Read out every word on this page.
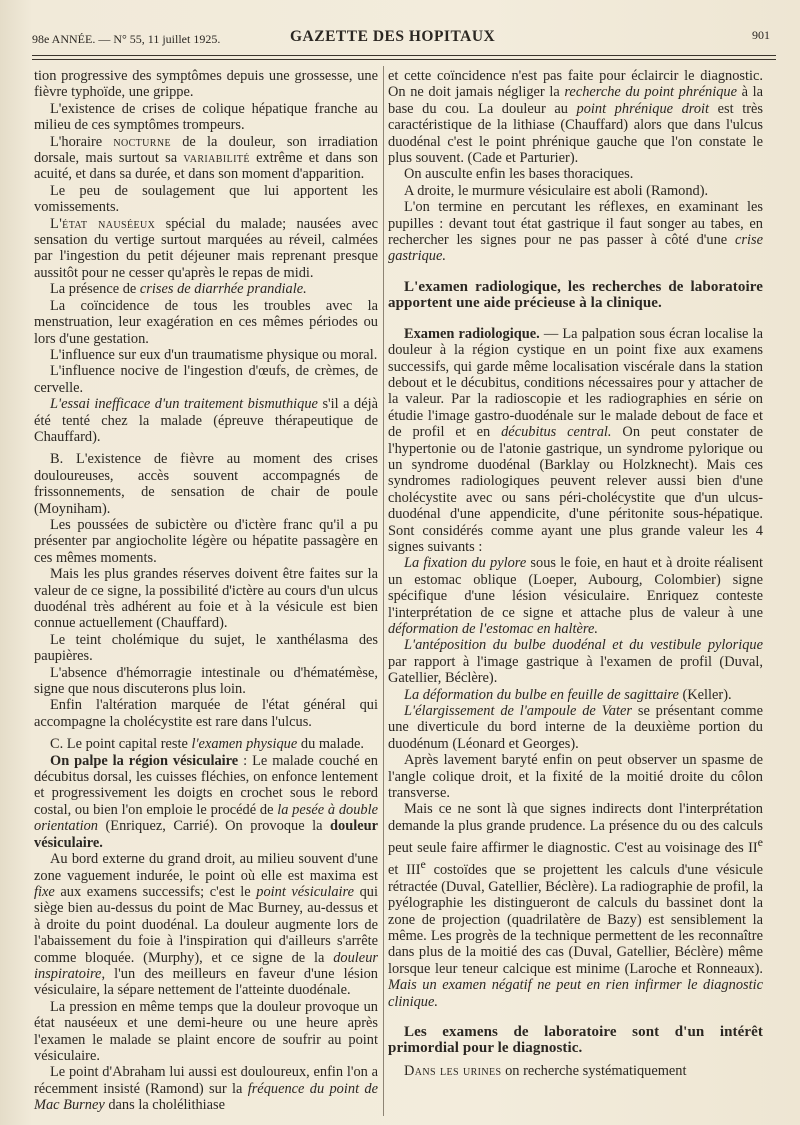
98e ANNÉE. — N° 55, 11 juillet 1925.	GAZETTE DES HOPITAUX	901

tion progressive des symptômes depuis une grossesse, une fièvre typhoïde, une grippe.

L'existence de crises de colique hépatique franche au milieu de ces symptômes trompeurs.

L'horaire nocturne de la douleur, son irradiation dorsale, mais surtout sa variabilité extrême et dans son acuité, et dans sa durée, et dans son moment d'apparition.

Le peu de soulagement que lui apportent les vomissements.

L'état nauséeux spécial du malade; nausées avec sensation du vertige surtout marquées au réveil, calmées par l'ingestion du petit déjeuner mais reprenant presque aussitôt pour ne cesser qu'après le repas de midi.

La présence de crises de diarrhée prandiale.

La coïncidence de tous les troubles avec la menstruation, leur exagération en ces mêmes périodes ou lors d'une gestation.

L'influence sur eux d'un traumatisme physique ou moral.

L'influence nocive de l'ingestion d'œufs, de crèmes, de cervelle.

L'essai inefficace d'un traitement bismuthique s'il a déjà été tenté chez la malade (épreuve thérapeutique de Chauffard).

B. L'existence de fièvre au moment des crises douloureuses, accès souvent accompagnés de frissonnements, de sensation de chair de poule (Moyniham).

Les poussées de subictère ou d'ictère franc qu'il a pu présenter par angiocholite légère ou hépatite passagère en ces mêmes moments.

Mais les plus grandes réserves doivent être faites sur la valeur de ce signe, la possibilité d'ictère au cours d'un ulcus duodénal très adhérent au foie et à la vésicule est bien connue actuellement (Chauffard).

Le teint cholémique du sujet, le xanthélasma des paupières.

L'absence d'hémorragie intestinale ou d'hématémèse, signe que nous discuterons plus loin.

Enfin l'altération marquée de l'état général qui accompagne la cholécystite est rare dans l'ulcus.

C. Le point capital reste l'examen physique du malade.

On palpe la région vésiculaire : Le malade couché en décubitus dorsal, les cuisses fléchies, on enfonce lentement et progressivement les doigts en crochet sous le rebord costal, ou bien l'on emploie le procédé de la pesée à double orientation (Enriquez, Carrié). On provoque la douleur vésiculaire.

Au bord externe du grand droit, au milieu souvent d'une zone vaguement indurée, le point où elle est maxima est fixe aux examens successifs; c'est le point vésiculaire qui siège bien au-dessus du point de Mac Burney, au-dessus et à droite du point duodénal. La douleur augmente lors de l'abaissement du foie à l'inspiration qui d'ailleurs s'arrête comme bloquée. (Murphy), et ce signe de la douleur inspiratoire, l'un des meilleurs en faveur d'une lésion vésiculaire, la sépare nettement de l'atteinte duodénale.

La pression en même temps que la douleur provoque un état nauséeux et une demi-heure ou une heure après l'examen le malade se plaint encore de soufrir au point vésiculaire.

Le point d'Abraham lui aussi est douloureux, enfin l'on a récemment insisté (Ramond) sur la fréquence du point de Mac Burney dans la cholélithiase

et cette coïncidence n'est pas faite pour éclaircir le diagnostic. On ne doit jamais négliger la recherche du point phrénique à la base du cou. La douleur au point phrénique droit est très caractéristique de la lithiase (Chauffard) alors que dans l'ulcus duodénal c'est le point phrénique gauche que l'on constate le plus souvent. (Cade et Parturier).

On ausculte enfin les bases thoraciques.

A droite, le murmure vésiculaire est aboli (Ramond).

L'on termine en percutant les réflexes, en examinant les pupilles : devant tout état gastrique il faut songer au tabes, en rechercher les signes pour ne pas passer à côté d'une crise gastrique.

L'examen radiologique, les recherches de laboratoire apportent une aide précieuse à la clinique.

Examen radiologique. — La palpation sous écran localise la douleur à la région cystique en un point fixe aux examens successifs, qui garde même localisation viscérale dans la station debout et le décubitus, conditions nécessaires pour y attacher de la valeur. Par la radioscopie et les radiographies en série on étudie l'image gastro-duodénale sur le malade debout de face et de profil et en décubitus central. On peut constater de l'hypertonie ou de l'atonie gastrique, un syndrome pylorique ou un syndrome duodénal (Barklay ou Holzknecht). Mais ces syndromes radiologiques peuvent relever aussi bien d'une cholécystite avec ou sans péri-cholécystite que d'un ulcus-duodénal d'une appendicite, d'une péritonite sous-hépatique. Sont considérés comme ayant une plus grande valeur les 4 signes suivants :

La fixation du pylore sous le foie, en haut et à droite réalisent un estomac oblique (Loeper, Aubourg, Colombier) signe spécifique d'une lésion vésiculaire. Enriquez conteste l'interprétation de ce signe et attache plus de valeur à une déformation de l'estomac en haltère.

L'antéposition du bulbe duodénal et du vestibule pylorique par rapport à l'image gastrique à l'examen de profil (Duval, Gatellier, Béclère).

La déformation du bulbe en feuille de sagittaire (Keller).

L'élargissement de l'ampoule de Vater se présentant comme une diverticule du bord interne de la deuxième portion du duodénum (Léonard et Georges).

Après lavement baryté enfin on peut observer un spasme de l'angle colique droit, et la fixité de la moitié droite du côlon transverse.

Mais ce ne sont là que signes indirects dont l'interprétation demande la plus grande prudence. La présence du ou des calculs peut seule faire affirmer le diagnostic. C'est au voisinage des IIe et IIIe costoïdes que se projettent les calculs d'une vésicule rétractée (Duval, Gatellier, Béclère). La radiographie de profil, la pyélographie les distingueront de calculs du bassinet dont la zone de projection (quadrilatère de Bazy) est sensiblement la même. Les progrès de la technique permettent de les reconnaître dans plus de la moitié des cas (Duval, Gatellier, Béclère) même lorsque leur teneur calcique est minime (Laroche et Ronneaux). Mais un examen négatif ne peut en rien infirmer le diagnostic clinique.

Les examens de laboratoire sont d'un intérêt primordial pour le diagnostic.

Dans les urines on recherche systématiquement
